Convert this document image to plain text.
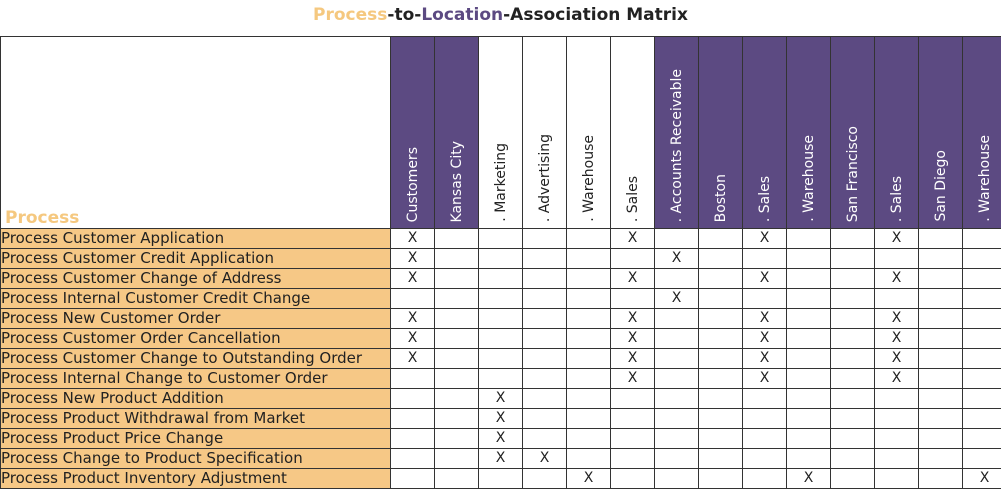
Process-to-Location-Association Matrix
Process	Customers	Kansas City	. Marketing	. Advertising	. Warehouse	. Sales	. Accounts Receivable	Boston	. Sales	. Warehouse	San Francisco	. Sales	San Diego	. Warehouse

Process Customer Application	X					X			X			X		
Process Customer Credit Application	X						X							
Process Customer Change of Address	X					X			X			X		
Process Internal Customer Credit Change							X							
Process New Customer Order	X					X			X			X		
Process Customer Order Cancellation	X					X			X			X		
Process Customer Change to Outstanding Order	X					X			X			X		
Process Internal Change to Customer Order						X			X			X		
Process New Product Addition			X											
Process Product Withdrawal from Market			X											
Process Product Price Change			X											
Process Change to Product Specification			X	X										
Process Product Inventory Adjustment					X					X				X
